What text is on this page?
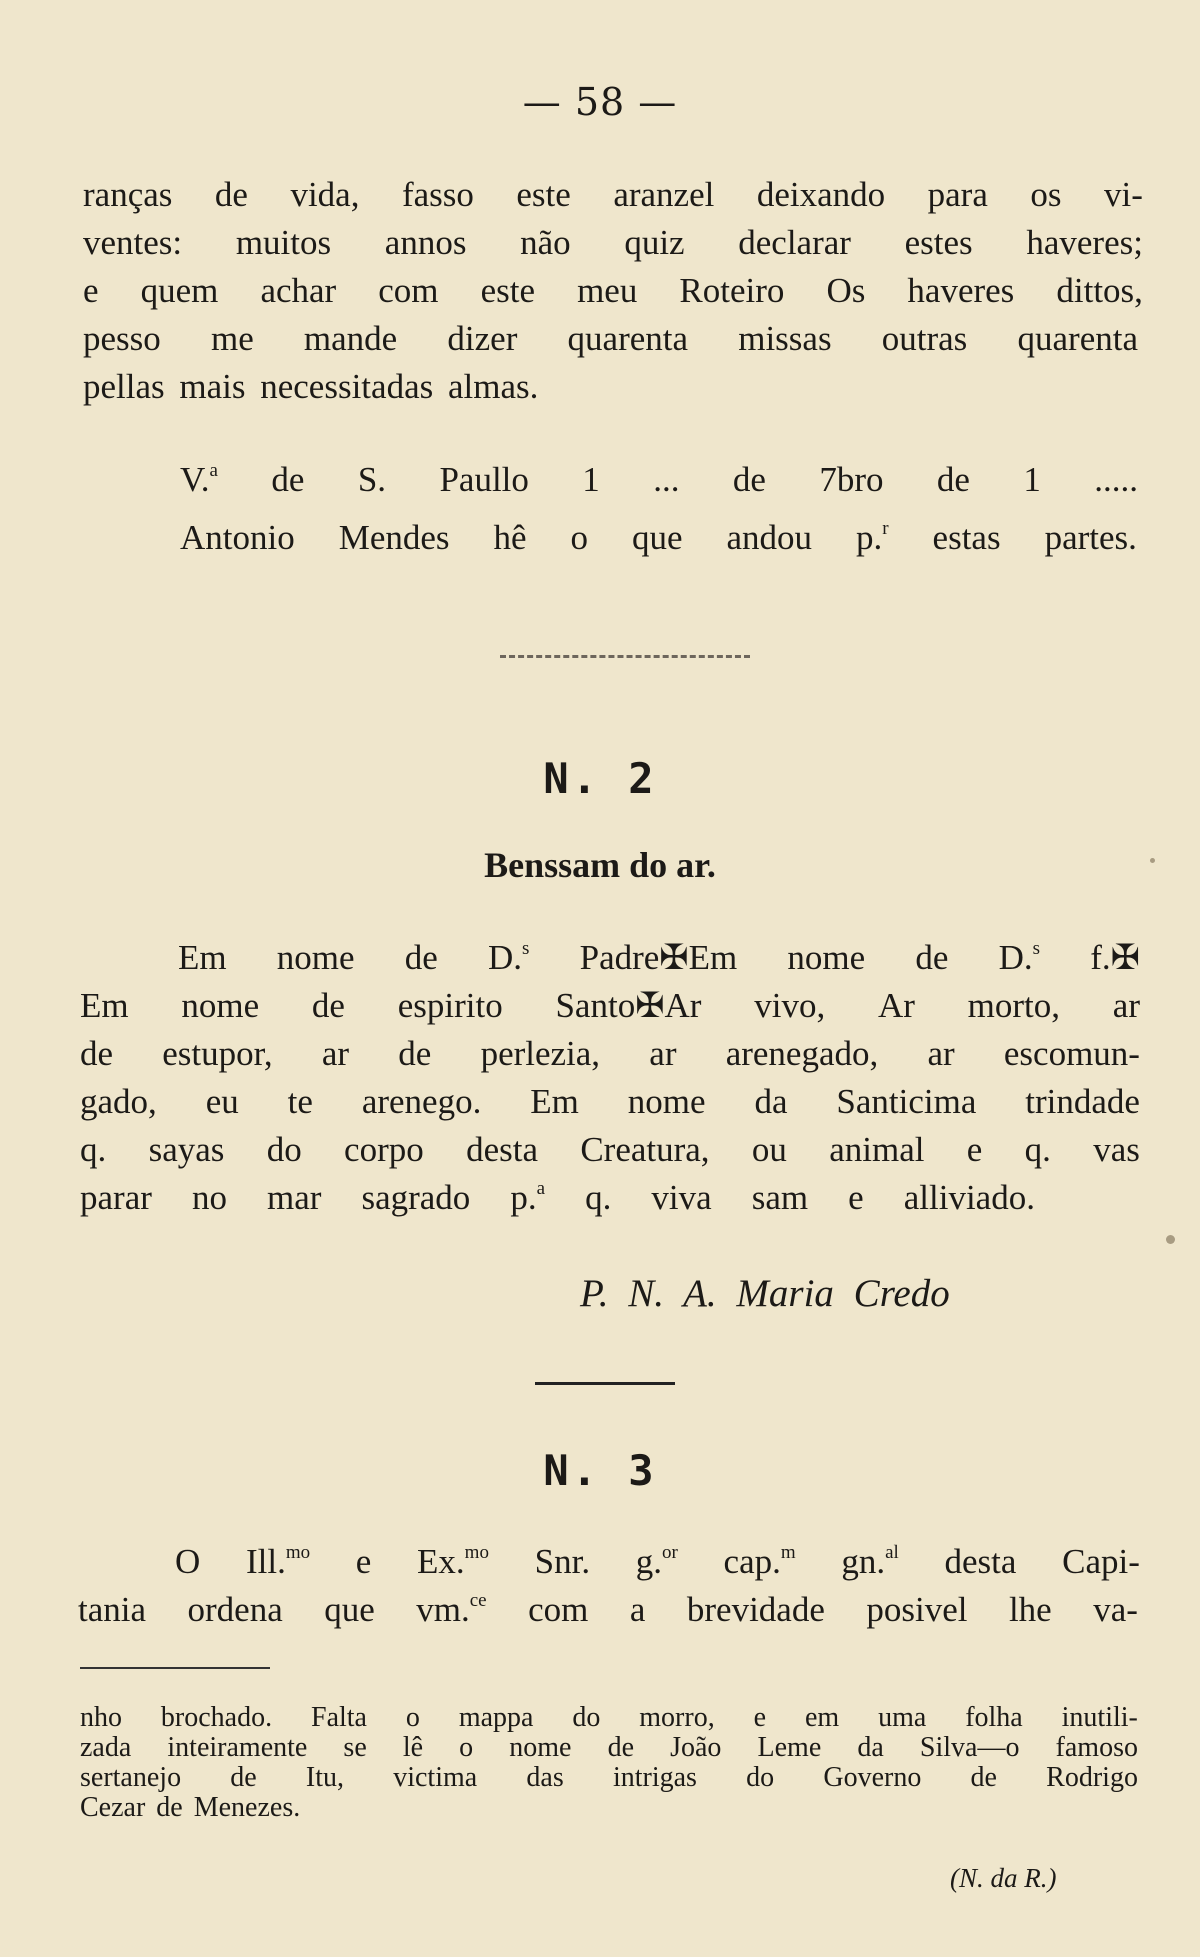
— 58 —
ranças de vida, fasso este aranzel deixando para os vi-
ventes: muitos annos não quiz declarar estes haveres;
e quem achar com este meu Roteiro Os haveres dittos,
pesso me mande dizer quarenta missas outras quarenta
pellas mais necessitadas almas.
V.$^a$ de S. Paullo 1 ... de 7bro de 1 .....
Antonio Mendes hê o que andou p.$^r$ estas partes.
N. 2
Benssam do ar.
Em nome de D.$^s$ Padre✠Em nome de D.$^s$ f.✠
Em nome de espirito Santo✠Ar vivo, Ar morto, ar
de estupor, ar de perlezia, ar arenegado, ar escomun-
gado, eu te arenego. Em nome da Santicima trindade
q. sayas do corpo desta Creatura, ou animal e q. vas
parar no mar sagrado p.$^a$ q. viva sam e alliviado.
P. N. A. Maria Credo
N. 3
O Ill.$^{mo}$ e Ex.$^{mo}$ Snr. g.$^{or}$ cap.$^m$ gn.$^{al}$ desta Capi-
tania ordena que vm.$^{ce}$ com a brevidade posivel lhe va-
nho brochado. Falta o mappa do morro, e em uma folha inutili-
zada inteiramente se lê o nome de João Leme da Silva—o famoso
sertanejo de Itu, victima das intrigas do Governo de Rodrigo
Cezar de Menezes.
(N. da R.)
